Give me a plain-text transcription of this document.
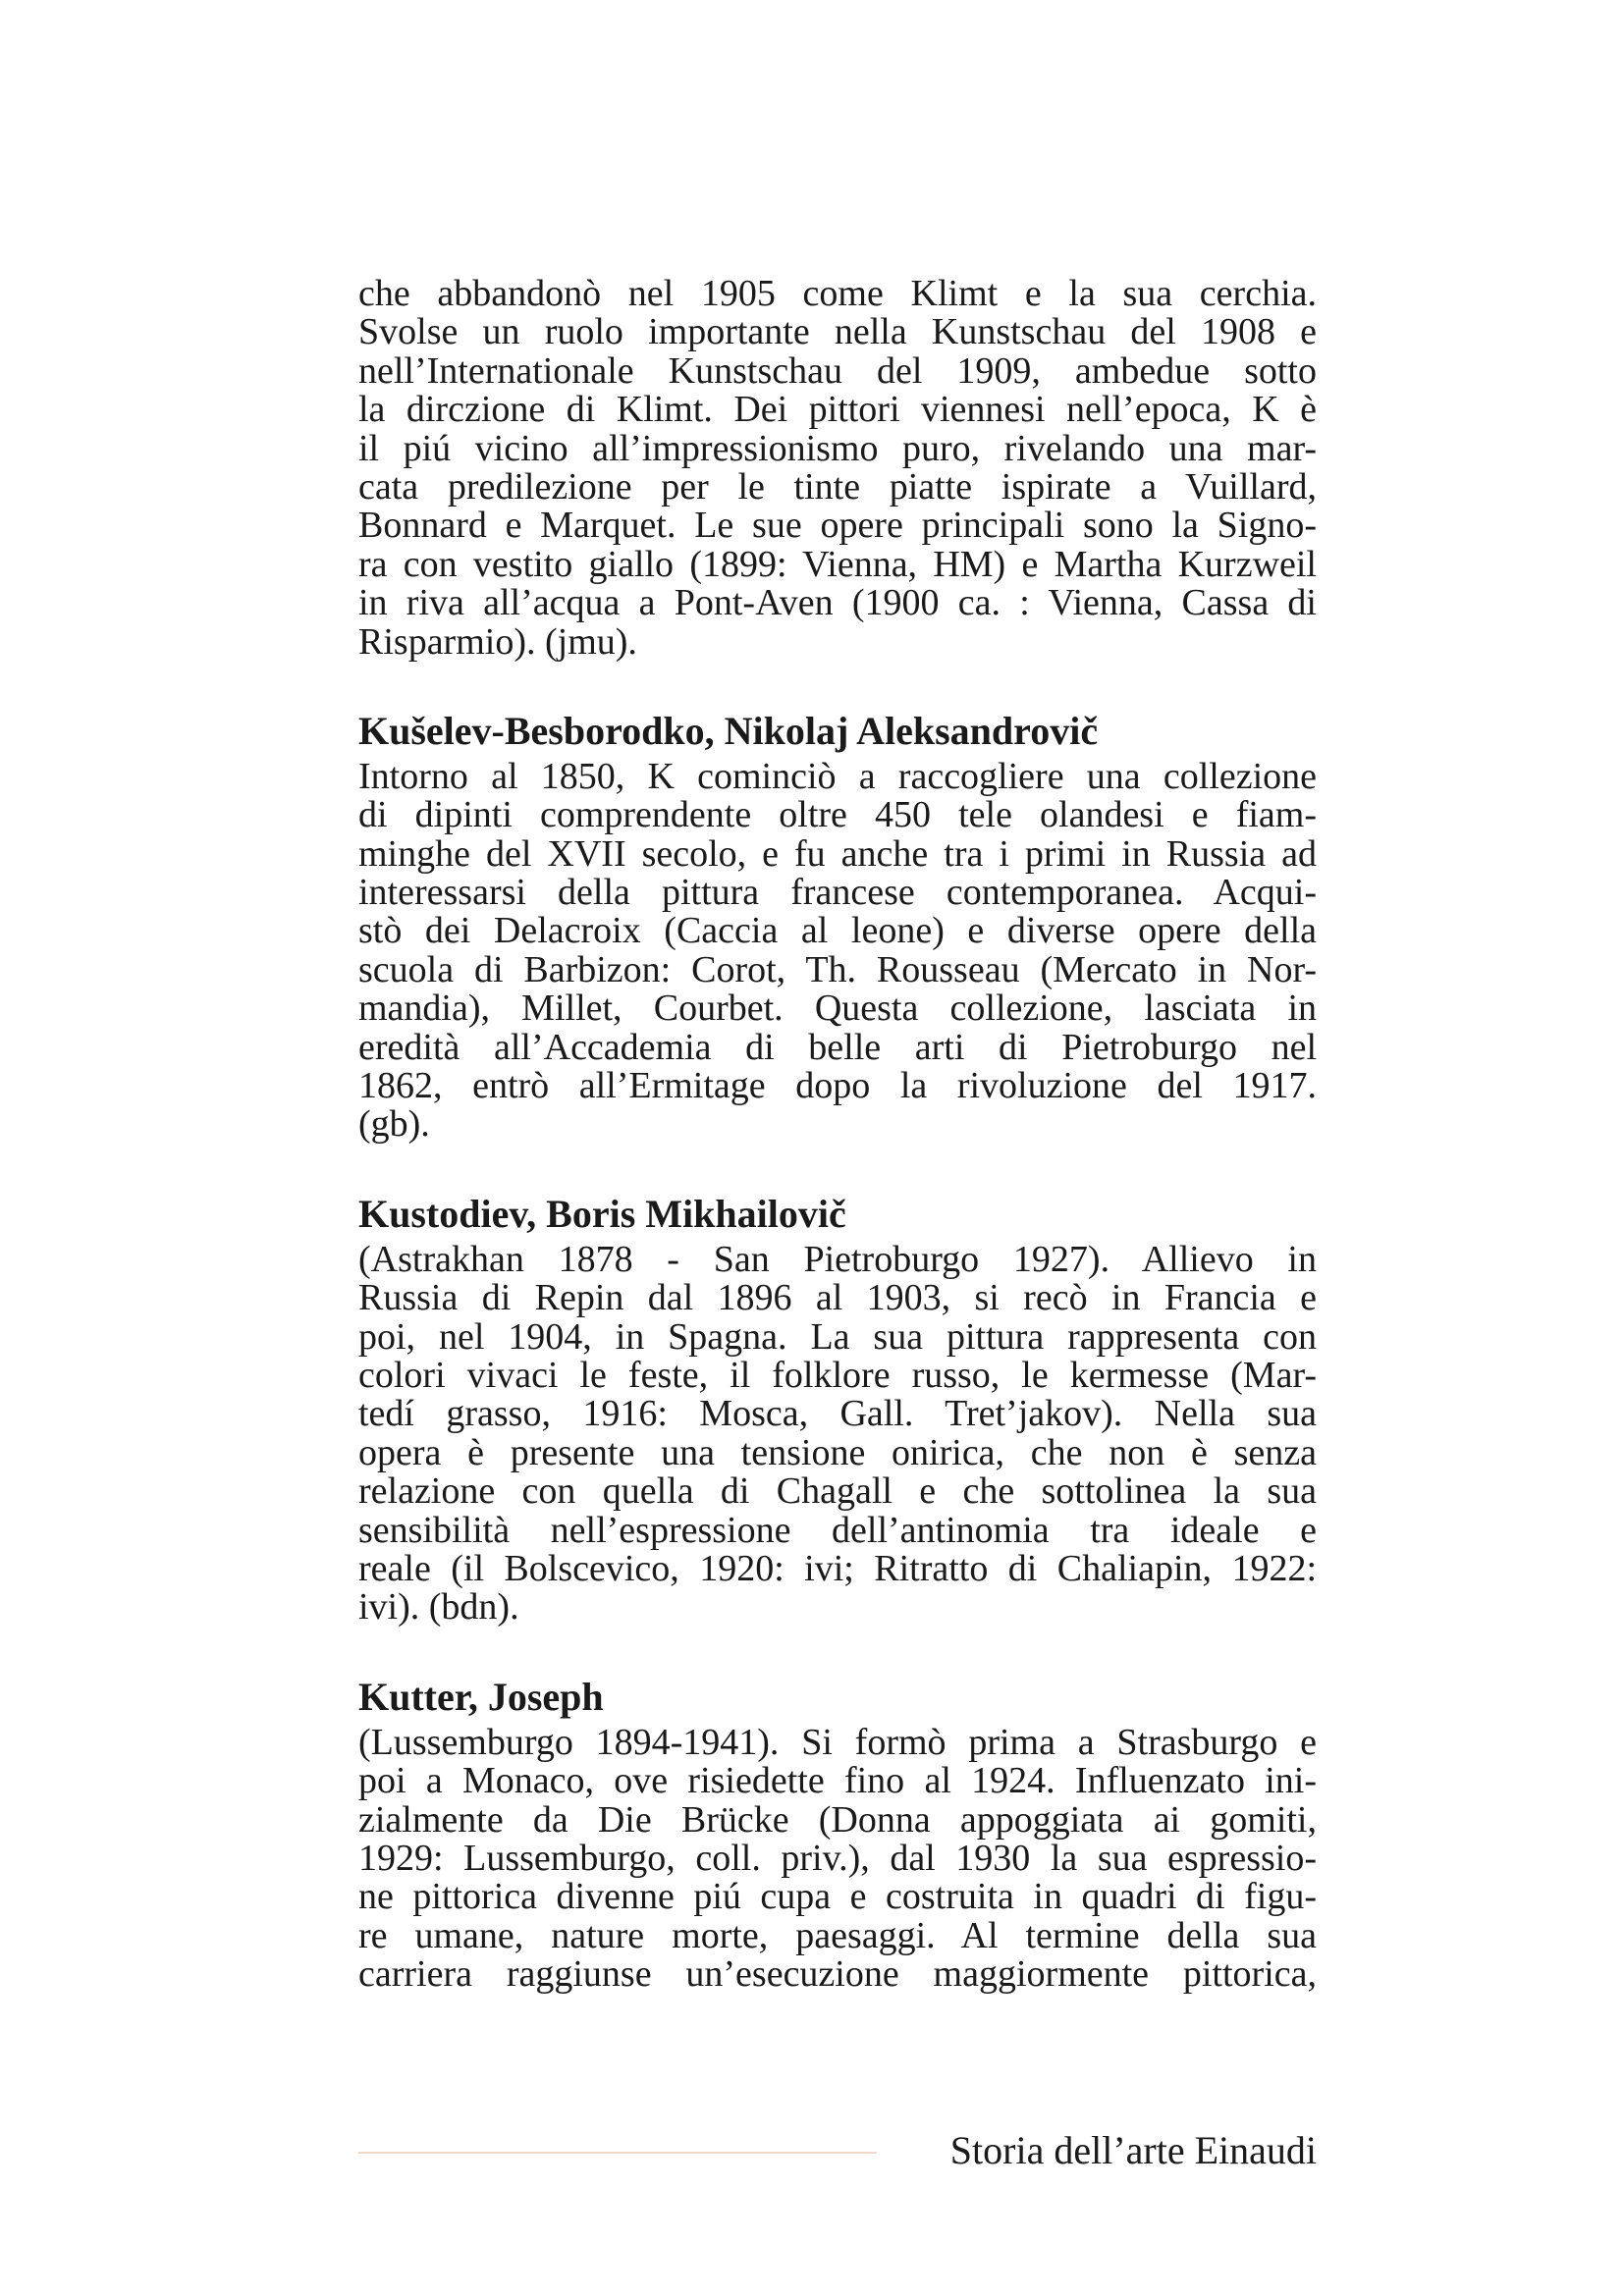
che abbandonò nel 1905 come Klimt e la sua cerchia.
Svolse un ruolo importante nella Kunstschau del 1908 e
nell’Internationale Kunstschau del 1909, ambedue sotto
la dirczione di Klimt. Dei pittori viennesi nell’epoca, K è
il piú vicino all’impressionismo puro, rivelando una mar-
cata predilezione per le tinte piatte ispirate a Vuillard,
Bonnard e Marquet. Le sue opere principali sono la Signo-
ra con vestito giallo (1899: Vienna, HM) e Martha Kurzweil
in riva all’acqua a Pont-Aven (1900 ca. : Vienna, Cassa di
Risparmio). (jmu).
Kušelev-Besborodko, Nikolaj Aleksandrovič
Intorno al 1850, K cominciò a raccogliere una collezione
di dipinti comprendente oltre 450 tele olandesi e fiam-
minghe del XVII secolo, e fu anche tra i primi in Russia ad
interessarsi della pittura francese contemporanea. Acqui-
stò dei Delacroix (Caccia al leone) e diverse opere della
scuola di Barbizon: Corot, Th. Rousseau (Mercato in Nor-
mandia), Millet, Courbet. Questa collezione, lasciata in
eredità all’Accademia di belle arti di Pietroburgo nel
1862, entrò all’Ermitage dopo la rivoluzione del 1917.
(gb).
Kustodiev, Boris Mikhailovič
(Astrakhan 1878 - San Pietroburgo 1927). Allievo in
Russia di Repin dal 1896 al 1903, si recò in Francia e
poi, nel 1904, in Spagna. La sua pittura rappresenta con
colori vivaci le feste, il folklore russo, le kermesse (Mar-
tedí grasso, 1916: Mosca, Gall. Tret’jakov). Nella sua
opera è presente una tensione onirica, che non è senza
relazione con quella di Chagall e che sottolinea la sua
sensibilità nell’espressione dell’antinomia tra ideale e
reale (il Bolscevico, 1920: ivi; Ritratto di Chaliapin, 1922:
ivi). (bdn).
Kutter, Joseph
(Lussemburgo 1894-1941). Si formò prima a Strasburgo e
poi a Monaco, ove risiedette fino al 1924. Influenzato ini-
zialmente da Die Brücke (Donna appoggiata ai gomiti,
1929: Lussemburgo, coll. priv.), dal 1930 la sua espressio-
ne pittorica divenne piú cupa e costruita in quadri di figu-
re umane, nature morte, paesaggi. Al termine della sua
carriera raggiunse un’esecuzione maggiormente pittorica,
Storia dell’arte Einaudi
